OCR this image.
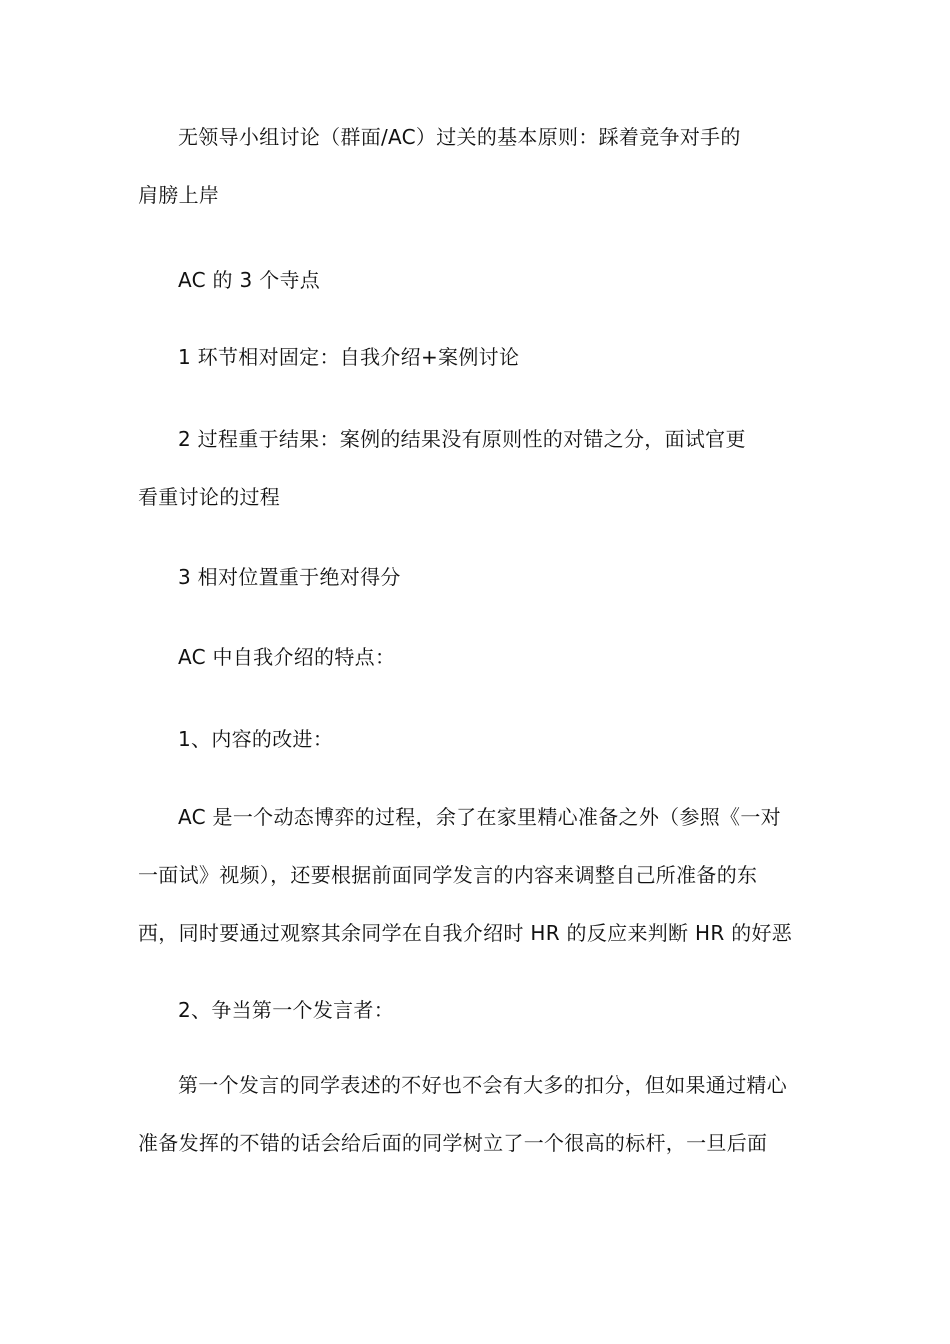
无领导小组讨论（群面/AC）过关的基本原则：踩着竞争对手的
肩膀上岸

AC 的 3 个寺点

1 环节相对固定：自我介绍+案例讨论

2 过程重于结果：案例的结果没有原则性的对错之分，面试官更
看重讨论的过程

3 相对位置重于绝对得分

AC 中自我介绍的特点：

1、内容的改进：

AC 是一个动态博弈的过程，余了在家里精心准备之外（参照《一对
一面试》视频），还要根据前面同学发言的内容来调整自己所准备的东
西，同时要通过观察其余同学在自我介绍时 HR 的反应来判断 HR 的好恶

2、争当第一个发言者：

第一个发言的同学表述的不好也不会有大多的扣分，但如果通过精心
准备发挥的不错的话会给后面的同学树立了一个很高的标杆，一旦后面
